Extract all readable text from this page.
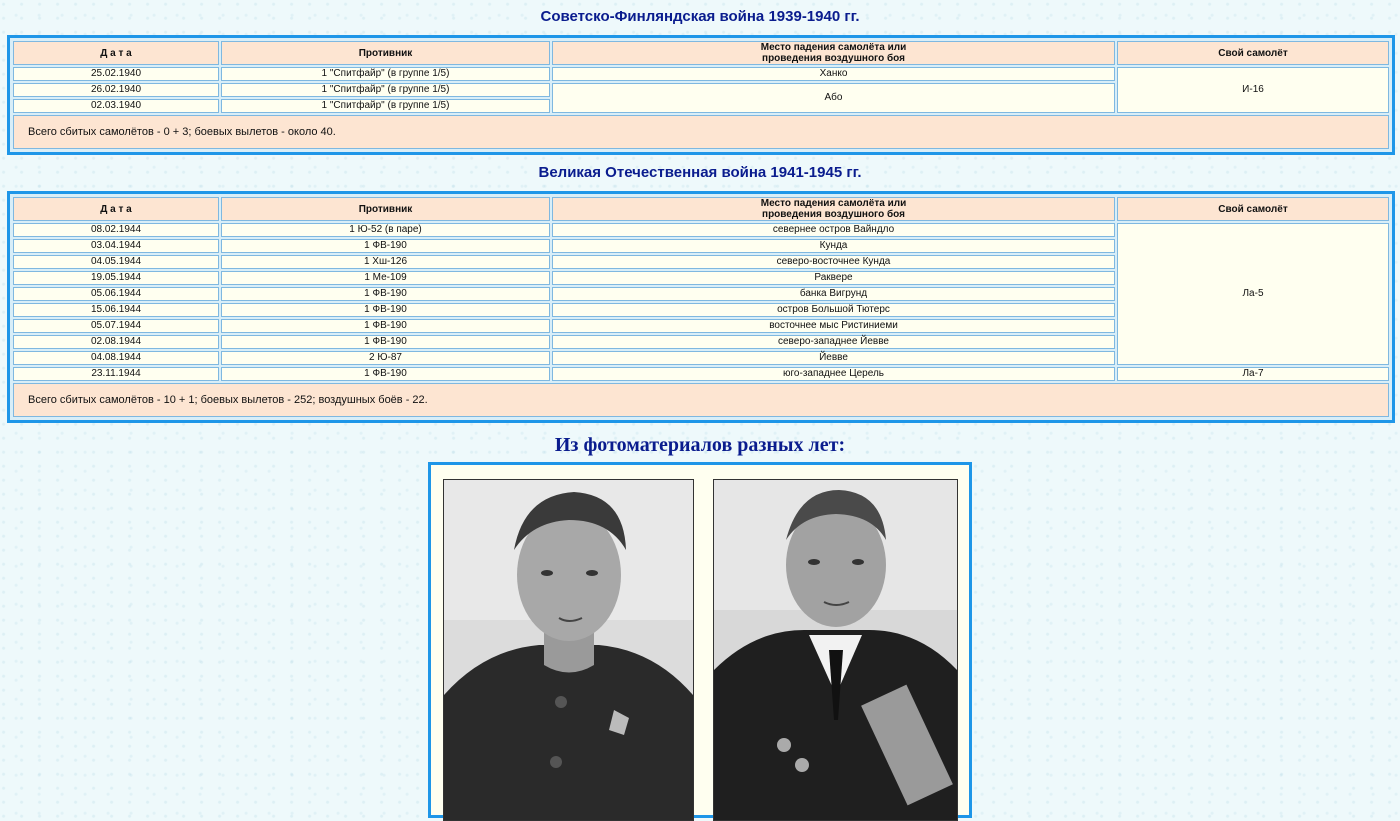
Советско-Финляндская война 1939-1940 гг.
Д а т а	Противник	Место падения самолёта или
проведения воздушного боя	Свой самолёт
25.02.1940	1 "Спитфайр" (в группе 1/5)	Ханко	И-16
26.02.1940	1 "Спитфайр" (в группе 1/5)	Або	
02.03.1940	1 "Спитфайр" (в группе 1/5)		
Всего сбитых самолётов - 0 + 3; боевых вылетов - около 40.			
Великая Отечественная война 1941-1945 гг.
Д а т а	Противник	Место падения самолёта или
проведения воздушного боя	Свой самолёт
08.02.1944	1 Ю-52 (в паре)	севернее остров Вайндло	Ла-5
03.04.1944	1 ФВ-190	Кунда	
04.05.1944	1 Хш-126	северо-восточнее Кунда	
19.05.1944	1 Ме-109	Раквере	
05.06.1944	1 ФВ-190	банка Вигрунд	
15.06.1944	1 ФВ-190	остров Большой Тютерс	
05.07.1944	1 ФВ-190	восточнее мыс Ристиниеми	
02.08.1944	1 ФВ-190	северо-западнее Йевве	
04.08.1944	2 Ю-87	Йевве	
23.11.1944	1 ФВ-190	юго-западнее Церель	Ла-7
Всего сбитых самолётов - 10 + 1; боевых вылетов - 252; воздушных боёв - 22.			
Из фотоматериалов разных лет:
